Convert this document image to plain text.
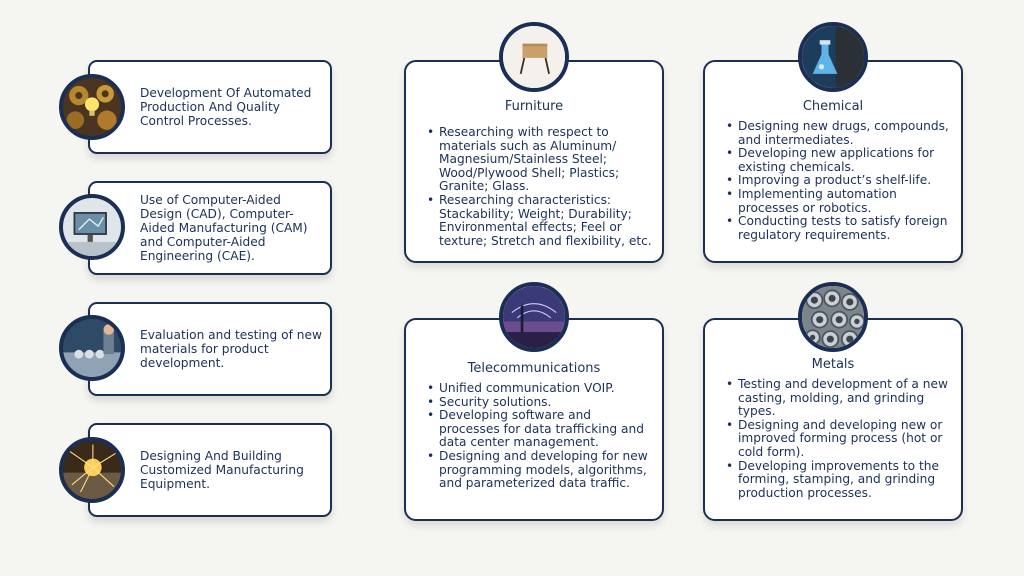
Development Of Automated Production And Quality Control Processes.
Use of Computer-Aided Design (CAD), Computer-Aided Manufacturing (CAM) and Computer-Aided Engineering (CAE).
Evaluation and testing of new materials for product development.
Designing And Building Customized Manufacturing Equipment.
Furniture
• Researching with respect to materials such as Aluminum/ Magnesium/Stainless Steel; Wood/Plywood Shell; Plastics; Granite; Glass.
• Researching characteristics: Stackability; Weight; Durability; Environmental effects; Feel or texture; Stretch and flexibility, etc.
Chemical
• Designing new drugs, compounds, and intermediates.
• Developing new applications for existing chemicals.
• Improving a product’s shelf-life.
• Implementing automation processes or robotics.
• Conducting tests to satisfy foreign regulatory requirements.
Telecommunications
• Unified communication VOIP.
• Security solutions.
• Developing software and processes for data trafficking and data center management.
• Designing and developing for new programming models, algorithms, and parameterized data traffic.
Metals
• Testing and development of a new casting, molding, and grinding types.
• Designing and developing new or improved forming process (hot or cold form).
• Developing improvements to the forming, stamping, and grinding production processes.
